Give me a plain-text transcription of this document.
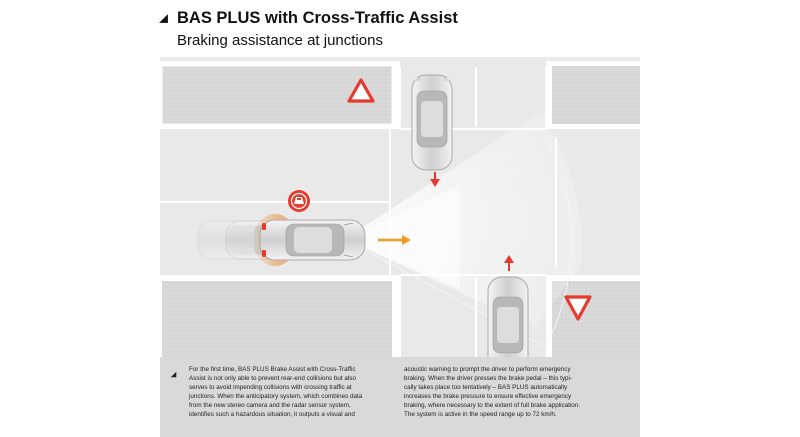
BAS PLUS with Cross-Traffic Assist
Braking assistance at junctions
For the first time, BAS PLUS Brake Assist with Cross-Traffic
Assist is not only able to prevent rear-end collisions but also
serves to avoid impending collisions with crossing traffic at
junctions. When the anticipatory system, which combines data
from the new stereo camera and the radar sensor system,
identifies such a hazardous situation, it outputs a visual and
acoustic warning to prompt the driver to perform emergency
braking. When the driver presses the brake pedal – this typi-
cally takes place too tentatively – BAS PLUS automatically
increases the brake pressure to ensure effective emergency
braking, where necessary to the extent of full brake application.
The system is active in the speed range up to 72 km/h.
